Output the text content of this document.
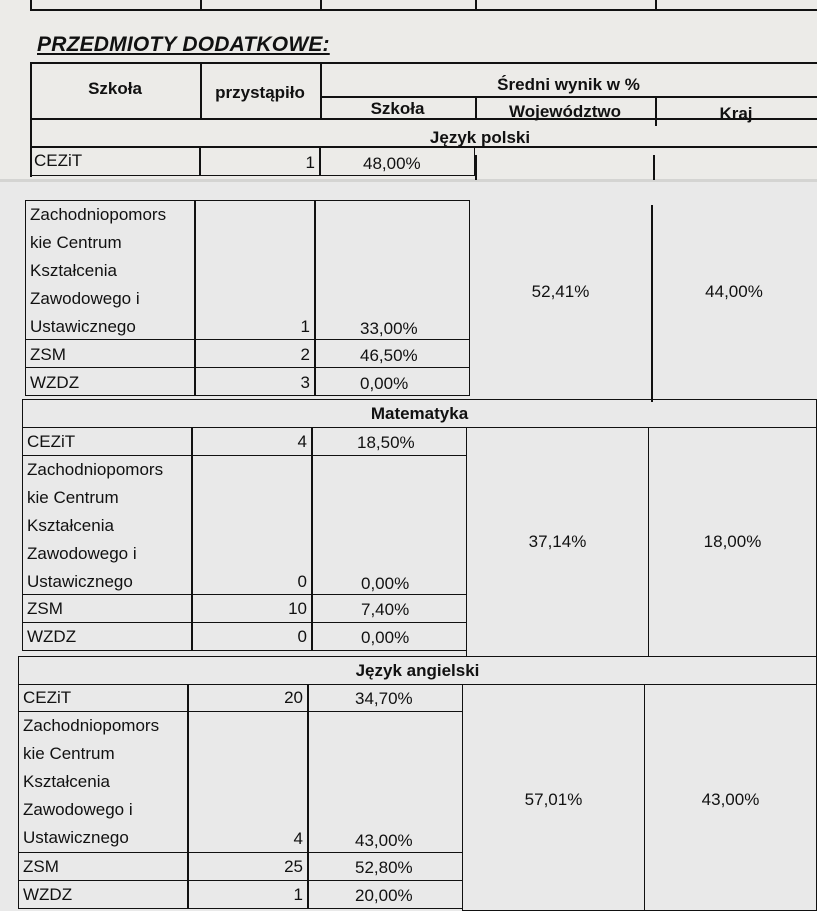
PRZEDMIOTY DODATKOWE:
Szkoła	przystąpiło	Średni wynik w %
Szkoła	Województwo	Kraj
Język polski
CEZiT	1	48,00%
Zachodniopomors
kie Centrum
Kształcenia
Zawodowego i
Ustawicznego	1	33,00%
ZSM	2	46,50%
WZDZ	3	0,00%
52,41%	44,00%
Matematyka
CEZiT	4	18,50%
Zachodniopomors
kie Centrum
Kształcenia
Zawodowego i
Ustawicznego	0	0,00%
ZSM	10	7,40%
WZDZ	0	0,00%
37,14%	18,00%
Język angielski
CEZiT	20	34,70%
Zachodniopomors
kie Centrum
Kształcenia
Zawodowego i
Ustawicznego	4	43,00%
ZSM	25	52,80%
WZDZ	1	20,00%
57,01%	43,00%
